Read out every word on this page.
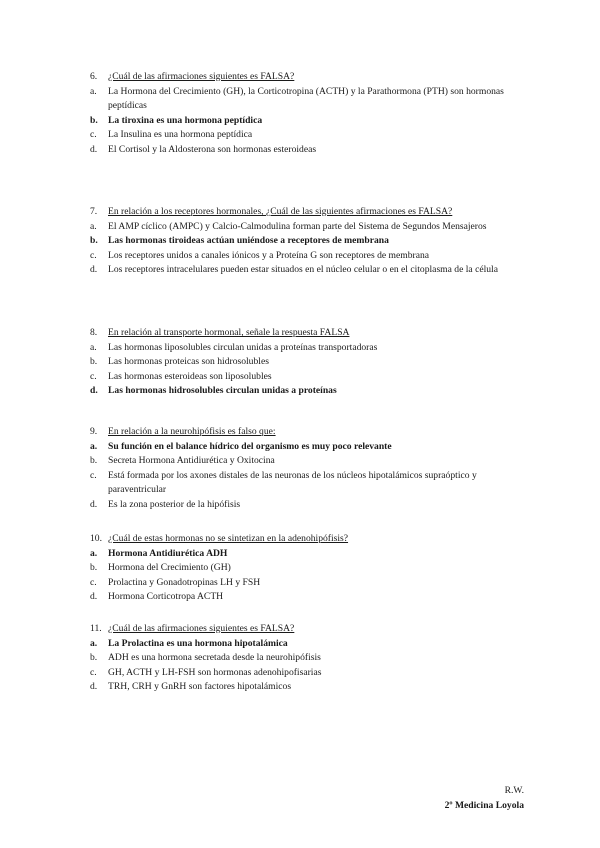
6.	¿Cuál de las afirmaciones siguientes es FALSA?
a.	La Hormona del Crecimiento (GH), la Corticotropina (ACTH) y la Parathormona (PTH) son hormonas peptídicas
b.	La tiroxina es una hormona peptídica
c.	La Insulina es una hormona peptídica
d.	El Cortisol y la Aldosterona son hormonas esteroideas
7.	En relación a los receptores hormonales, ¿Cuál de las siguientes afirmaciones es FALSA?
a.	El AMP cíclico (AMPC) y Calcio-Calmodulina forman parte del Sistema de Segundos Mensajeros
b.	Las hormonas tiroideas actúan uniéndose a receptores de membrana
c.	Los receptores unidos a canales iónicos y a Proteína G son receptores de membrana
d.	Los receptores intracelulares pueden estar situados en el núcleo celular o en el citoplasma de la célula
8.	En relación al transporte hormonal, señale la respuesta FALSA
a.	Las hormonas liposolubles circulan unidas a proteínas transportadoras
b.	Las hormonas proteicas son hidrosolubles
c.	Las hormonas esteroideas son liposolubles
d.	Las hormonas hidrosolubles circulan unidas a proteínas
9.	En relación a la neurohipófisis es falso que:
a.	Su función en el balance hídrico del organismo es muy poco relevante
b.	Secreta Hormona Antidiurética y Oxitocina
c.	Está formada por los axones distales de las neuronas de los núcleos hipotalámicos supraóptico y paraventricular
d.	Es la zona posterior de la hipófisis
10. ¿Cuál de estas hormonas no se sintetizan en la adenohipófisis?
a.	Hormona Antidiurética ADH
b.	Hormona del Crecimiento (GH)
c.	Prolactina y Gonadotropinas LH y FSH
d.	Hormona Corticotropa ACTH
11. ¿Cuál de las afirmaciones siguientes es FALSA?
a.	La Prolactina es una hormona hipotalámica
b.	ADH es una hormona secretada desde la neurohipófisis
c.	GH, ACTH y LH-FSH son hormonas adenohipofisarias
d.	TRH, CRH y GnRH son factores hipotalámicos
R.W.
2º Medicina Loyola
